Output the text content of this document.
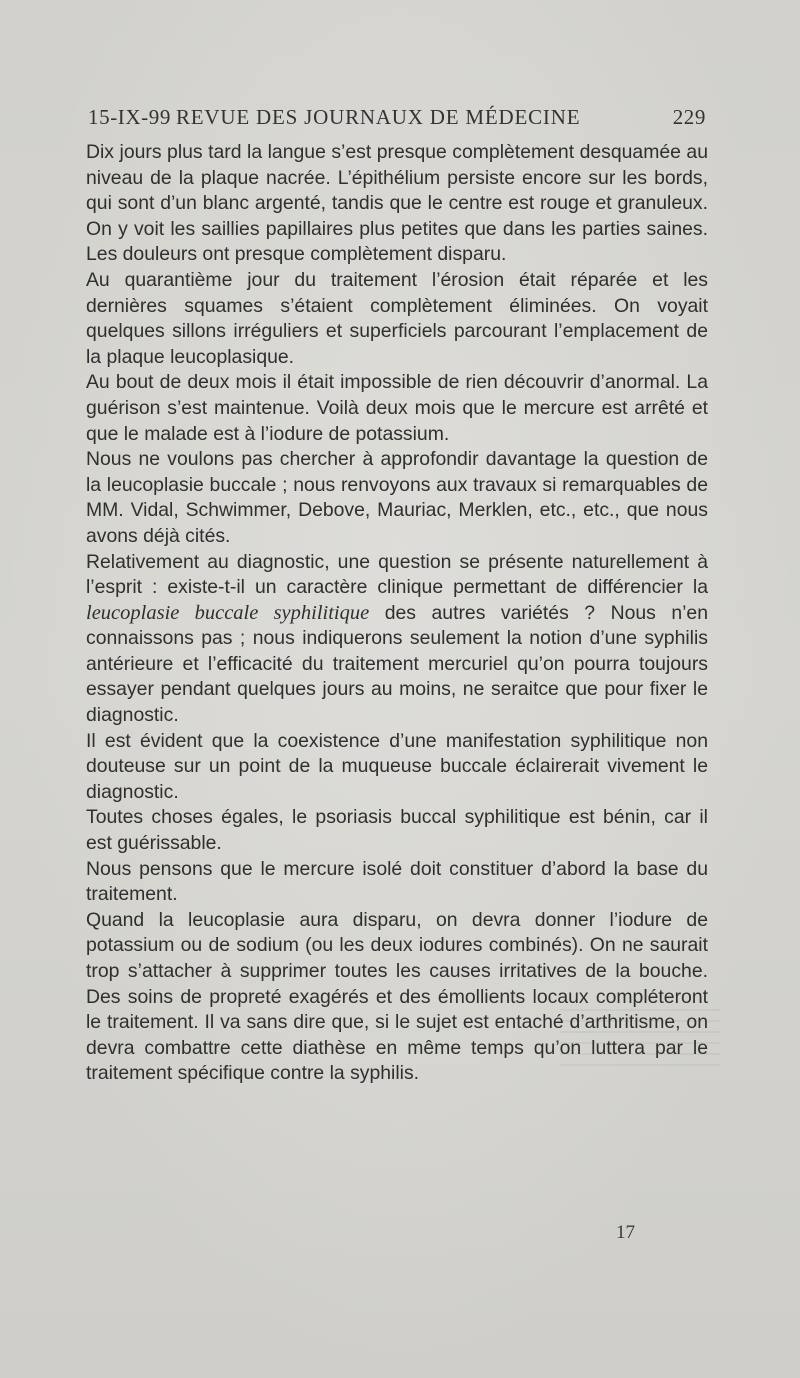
15-IX-99 REVUE DES JOURNAUX DE MÉDECINE	229

Dix jours plus tard la langue s’est presque complètement desquamée au niveau de la plaque nacrée. L’épithélium persiste encore sur les bords, qui sont d’un blanc argenté, tandis que le centre est rouge et granuleux. On y voit les saillies papillaires plus petites que dans les parties saines. Les douleurs ont presque complètement disparu.

Au quarantième jour du traitement l’érosion était réparée et les dernières squames s’étaient complètement éliminées. On voyait quelques sillons irréguliers et superficiels parcourant l’emplacement de la plaque leucoplasique.

Au bout de deux mois il était impossible de rien découvrir d’anormal. La guérison s’est maintenue. Voilà deux mois que le mercure est arrêté et que le malade est à l’iodure de potassium.

Nous ne voulons pas chercher à approfondir davantage la question de la leucoplasie buccale ; nous renvoyons aux travaux si remarquables de MM. Vidal, Schwimmer, Debove, Mauriac, Merklen, etc., etc., que nous avons déjà cités.

Relativement au diagnostic, une question se présente naturellement à l’esprit : existe-t-il un caractère clinique permettant de différencier la leucoplasie buccale syphilitique des autres variétés ? Nous n’en connaissons pas ; nous indiquerons seulement la notion d’une syphilis antérieure et l’efficacité du traitement mercuriel qu’on pourra toujours essayer pendant quelques jours au moins, ne seraitce que pour fixer le diagnostic.

Il est évident que la coexistence d’une manifestation syphilitique non douteuse sur un point de la muqueuse buccale éclairerait vivement le diagnostic.

Toutes choses égales, le psoriasis buccal syphilitique est bénin, car il est guérissable.

Nous pensons que le mercure isolé doit constituer d’abord la base du traitement.

Quand la leucoplasie aura disparu, on devra donner l’iodure de potassium ou de sodium (ou les deux iodures combinés). On ne saurait trop s’attacher à supprimer toutes les causes irritatives de la bouche. Des soins de propreté exagérés et des émollients locaux compléteront le traitement. Il va sans dire que, si le sujet est entaché d’arthritisme, on devra combattre cette diathèse en même temps qu’on luttera par le traitement spécifique contre la syphilis.

17
